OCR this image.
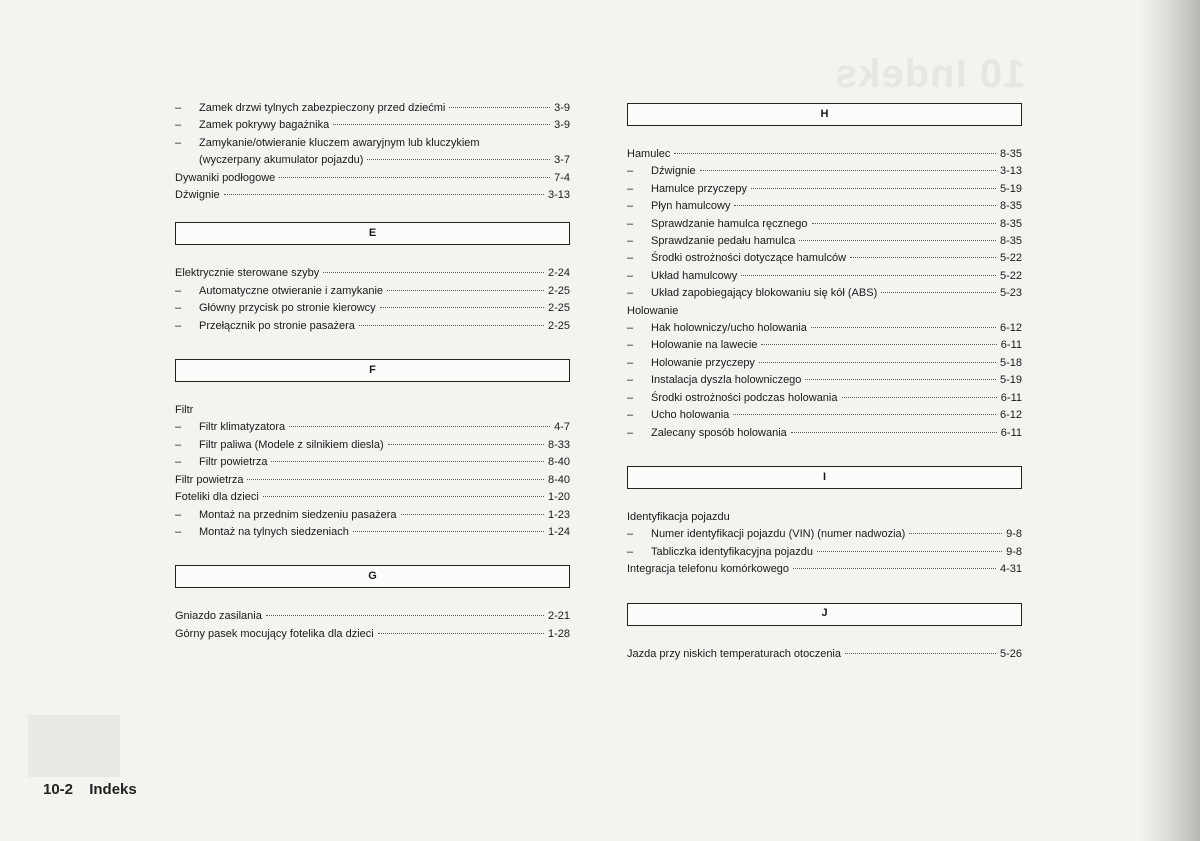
10 Indeks
–	Zamek drzwi tylnych zabezpieczony przed dziećmi	3-9
–	Zamek pokrywy bagażnika	3-9
–	Zamykanie/otwieranie kluczem awaryjnym lub kluczykiem
(wyczerpany akumulator pojazdu)	3-7
Dywaniki podłogowe	7-4
Dźwignie	3-13
E
Elektrycznie sterowane szyby	2-24
–	Automatyczne otwieranie i zamykanie	2-25
–	Główny przycisk po stronie kierowcy	2-25
–	Przełącznik po stronie pasażera	2-25
F
Filtr
–	Filtr klimatyzatora	4-7
–	Filtr paliwa (Modele z silnikiem diesla)	8-33
–	Filtr powietrza	8-40
Filtr powietrza	8-40
Foteliki dla dzieci	1-20
–	Montaż na przednim siedzeniu pasażera	1-23
–	Montaż na tylnych siedzeniach	1-24
G
Gniazdo zasilania	2-21
Górny pasek mocujący fotelika dla dzieci	1-28
H
Hamulec	8-35
–	Dźwignie	3-13
–	Hamulce przyczepy	5-19
–	Płyn hamulcowy	8-35
–	Sprawdzanie hamulca ręcznego	8-35
–	Sprawdzanie pedału hamulca	8-35
–	Środki ostrożności dotyczące hamulców	5-22
–	Układ hamulcowy	5-22
–	Układ zapobiegający blokowaniu się kół (ABS)	5-23
Holowanie
–	Hak holowniczy/ucho holowania	6-12
–	Holowanie na lawecie	6-11
–	Holowanie przyczepy	5-18
–	Instalacja dyszla holowniczego	5-19
–	Środki ostrożności podczas holowania	6-11
–	Ucho holowania	6-12
–	Zalecany sposób holowania	6-11
I
Identyfikacja pojazdu
–	Numer identyfikacji pojazdu (VIN) (numer nadwozia)	9-8
–	Tabliczka identyfikacyjna pojazdu	9-8
Integracja telefonu komórkowego	4-31
J
Jazda przy niskich temperaturach otoczenia	5-26
10-2 Indeks
